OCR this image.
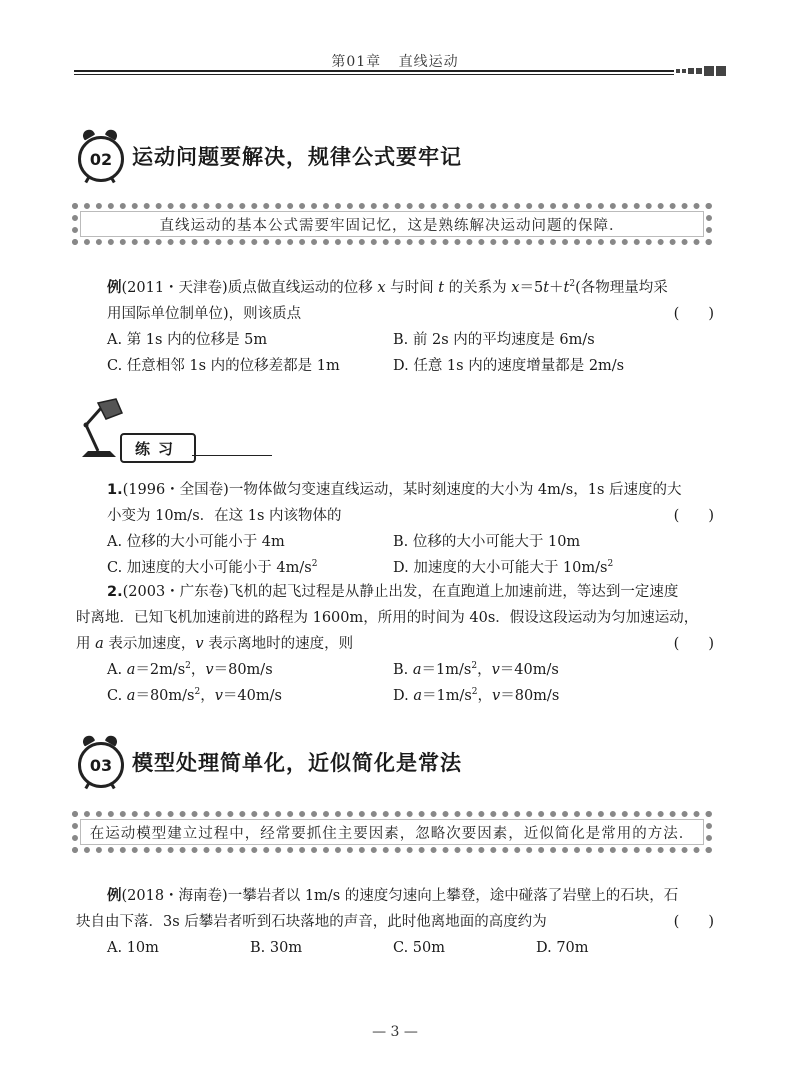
第01章 直线运动
02 运动问题要解决，规律公式要牢记
直线运动的基本公式需要牢固记忆，这是熟练解决运动问题的保障．
例(2011・天津卷)质点做直线运动的位移 x 与时间 t 的关系为 $x=5t+t^2$(各物理量均采
用国际单位制单位)，则该质点	(　　)
A. 第 1s 内的位移是 5m	B. 前 2s 内的平均速度是 6m/s
C. 任意相邻 1s 内的位移差都是 1m	D. 任意 1s 内的速度增量都是 2m/s
练习
1.(1996・全国卷)一物体做匀变速直线运动，某时刻速度的大小为 4m/s，1s 后速度的大
小变为 10m/s．在这 1s 内该物体的	(　　)
A. 位移的大小可能小于 4m	B. 位移的大小可能大于 10m
C. 加速度的大小可能小于 $4m/s^2$	D. 加速度的大小可能大于 $10m/s^2$
2.(2003・广东卷)飞机的起飞过程是从静止出发，在直跑道上加速前进，等达到一定速度
时离地．已知飞机加速前进的路程为 1600m，所用的时间为 40s．假设这段运动为匀加速运动，
用 a 表示加速度，v 表示离地时的速度，则	(　　)
A. $a=2m/s^2$，v＝80m/s	B. $a=1m/s^2$，v＝40m/s
C. $a=80m/s^2$，v＝40m/s	D. $a=1m/s^2$，v＝80m/s
03 模型处理简单化，近似简化是常法
在运动模型建立过程中，经常要抓住主要因素，忽略次要因素，近似简化是常用的方法．
例(2018・海南卷)一攀岩者以 1m/s 的速度匀速向上攀登，途中碰落了岩壁上的石块，石
块自由下落．3s 后攀岩者听到石块落地的声音，此时他离地面的高度约为	(　　)
A. 10m	B. 30m	C. 50m	D. 70m
— 3 —
